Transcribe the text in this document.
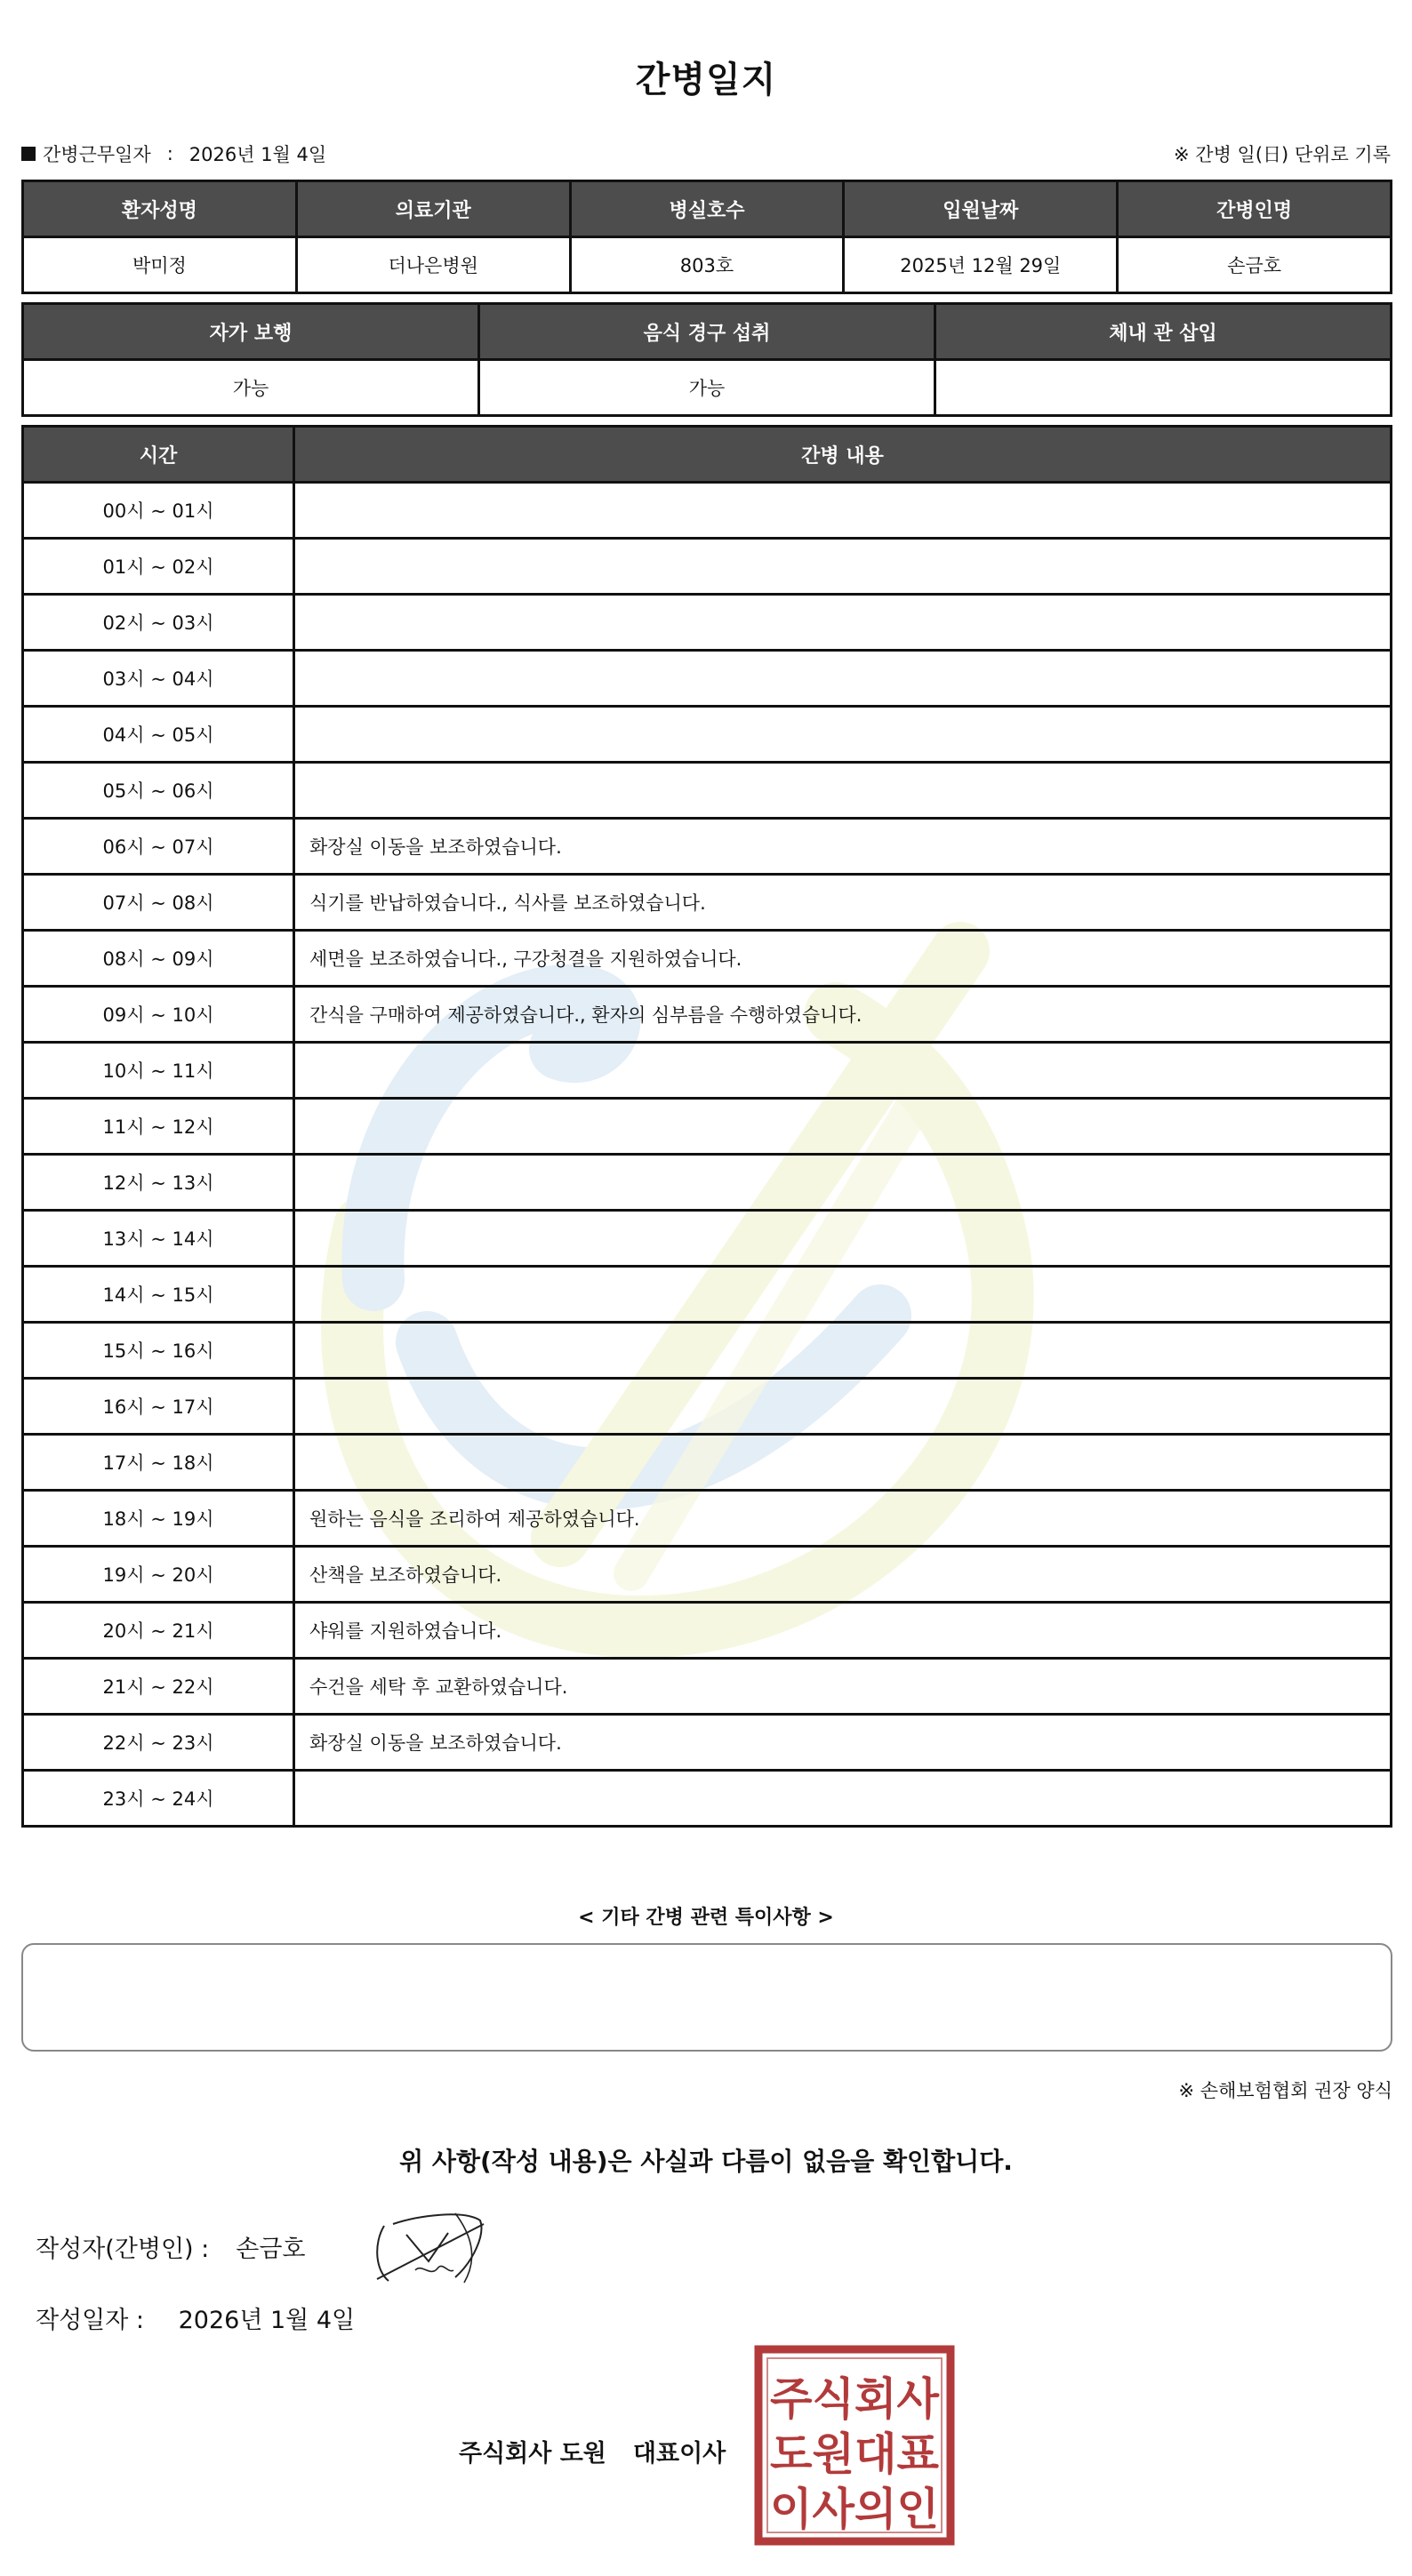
간병일지
간병근무일자 : 2026년 1월 4일	※ 간병 일(日) 단위로 기록
환자성명	의료기관	병실호수	입원날짜	간병인명
박미정	더나은병원	803호	2025년 12월 29일	손금호
자가 보행	음식 경구 섭취	체내 관 삽입
가능	가능	
시간	간병 내용
00시 ~ 01시	
01시 ~ 02시	
02시 ~ 03시	
03시 ~ 04시	
04시 ~ 05시	
05시 ~ 06시	
06시 ~ 07시	화장실 이동을 보조하였습니다.
07시 ~ 08시	식기를 반납하였습니다., 식사를 보조하였습니다.
08시 ~ 09시	세면을 보조하였습니다., 구강청결을 지원하였습니다.
09시 ~ 10시	간식을 구매하여 제공하였습니다., 환자의 심부름을 수행하였습니다.
10시 ~ 11시	
11시 ~ 12시	
12시 ~ 13시	
13시 ~ 14시	
14시 ~ 15시	
15시 ~ 16시	
16시 ~ 17시	
17시 ~ 18시	
18시 ~ 19시	원하는 음식을 조리하여 제공하였습니다.
19시 ~ 20시	산책을 보조하였습니다.
20시 ~ 21시	샤워를 지원하였습니다.
21시 ~ 22시	수건을 세탁 후 교환하였습니다.
22시 ~ 23시	화장실 이동을 보조하였습니다.
23시 ~ 24시	
< 기타 간병 관련 특이사항 >
※ 손해보험협회 권장 양식
위 사항(작성 내용)은 사실과 다름이 없음을 확인합니다.
작성자(간병인) : 손금호
작성일자 : 2026년 1월 4일
주식회사 도원 대표이사
주식회사
도원대표
이사의인
